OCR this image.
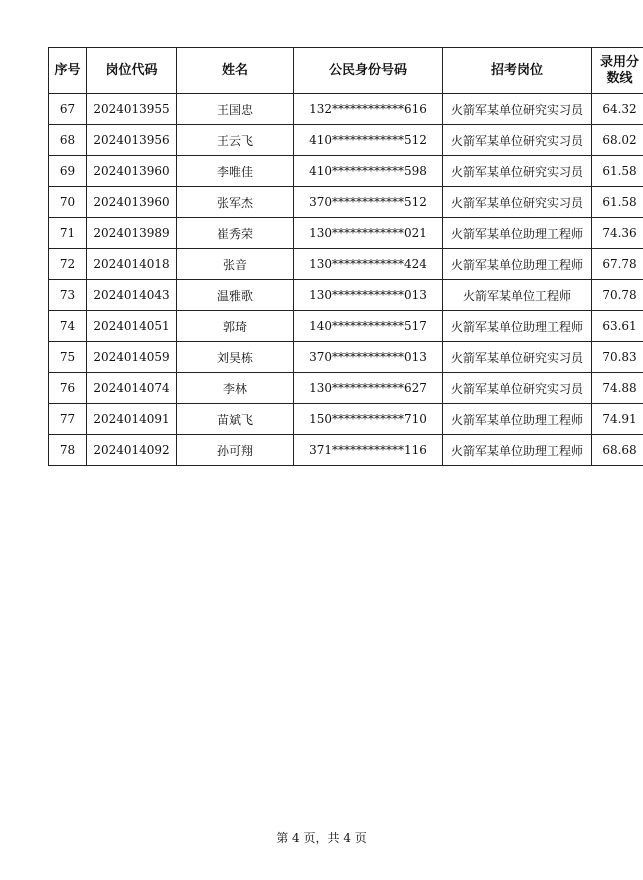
序号	岗位代码	姓名	公民身份号码	招考岗位	录用分数线
67	2024013955	王国忠	132************616	火箭军某单位研究实习员	64.32
68	2024013956	王云飞	410************512	火箭军某单位研究实习员	68.02
69	2024013960	李唯佳	410************598	火箭军某单位研究实习员	61.58
70	2024013960	张军杰	370************512	火箭军某单位研究实习员	61.58
71	2024013989	崔秀荣	130************021	火箭军某单位助理工程师	74.36
72	2024014018	张音	130************424	火箭军某单位助理工程师	67.78
73	2024014043	温雅歌	130************013	火箭军某单位工程师	70.78
74	2024014051	郭琦	140************517	火箭军某单位助理工程师	63.61
75	2024014059	刘昊栋	370************013	火箭军某单位研究实习员	70.83
76	2024014074	李林	130************627	火箭军某单位研究实习员	74.88
77	2024014091	苗斌飞	150************710	火箭军某单位助理工程师	74.91
78	2024014092	孙可翔	371************116	火箭军某单位助理工程师	68.68
第 4 页，共 4 页
